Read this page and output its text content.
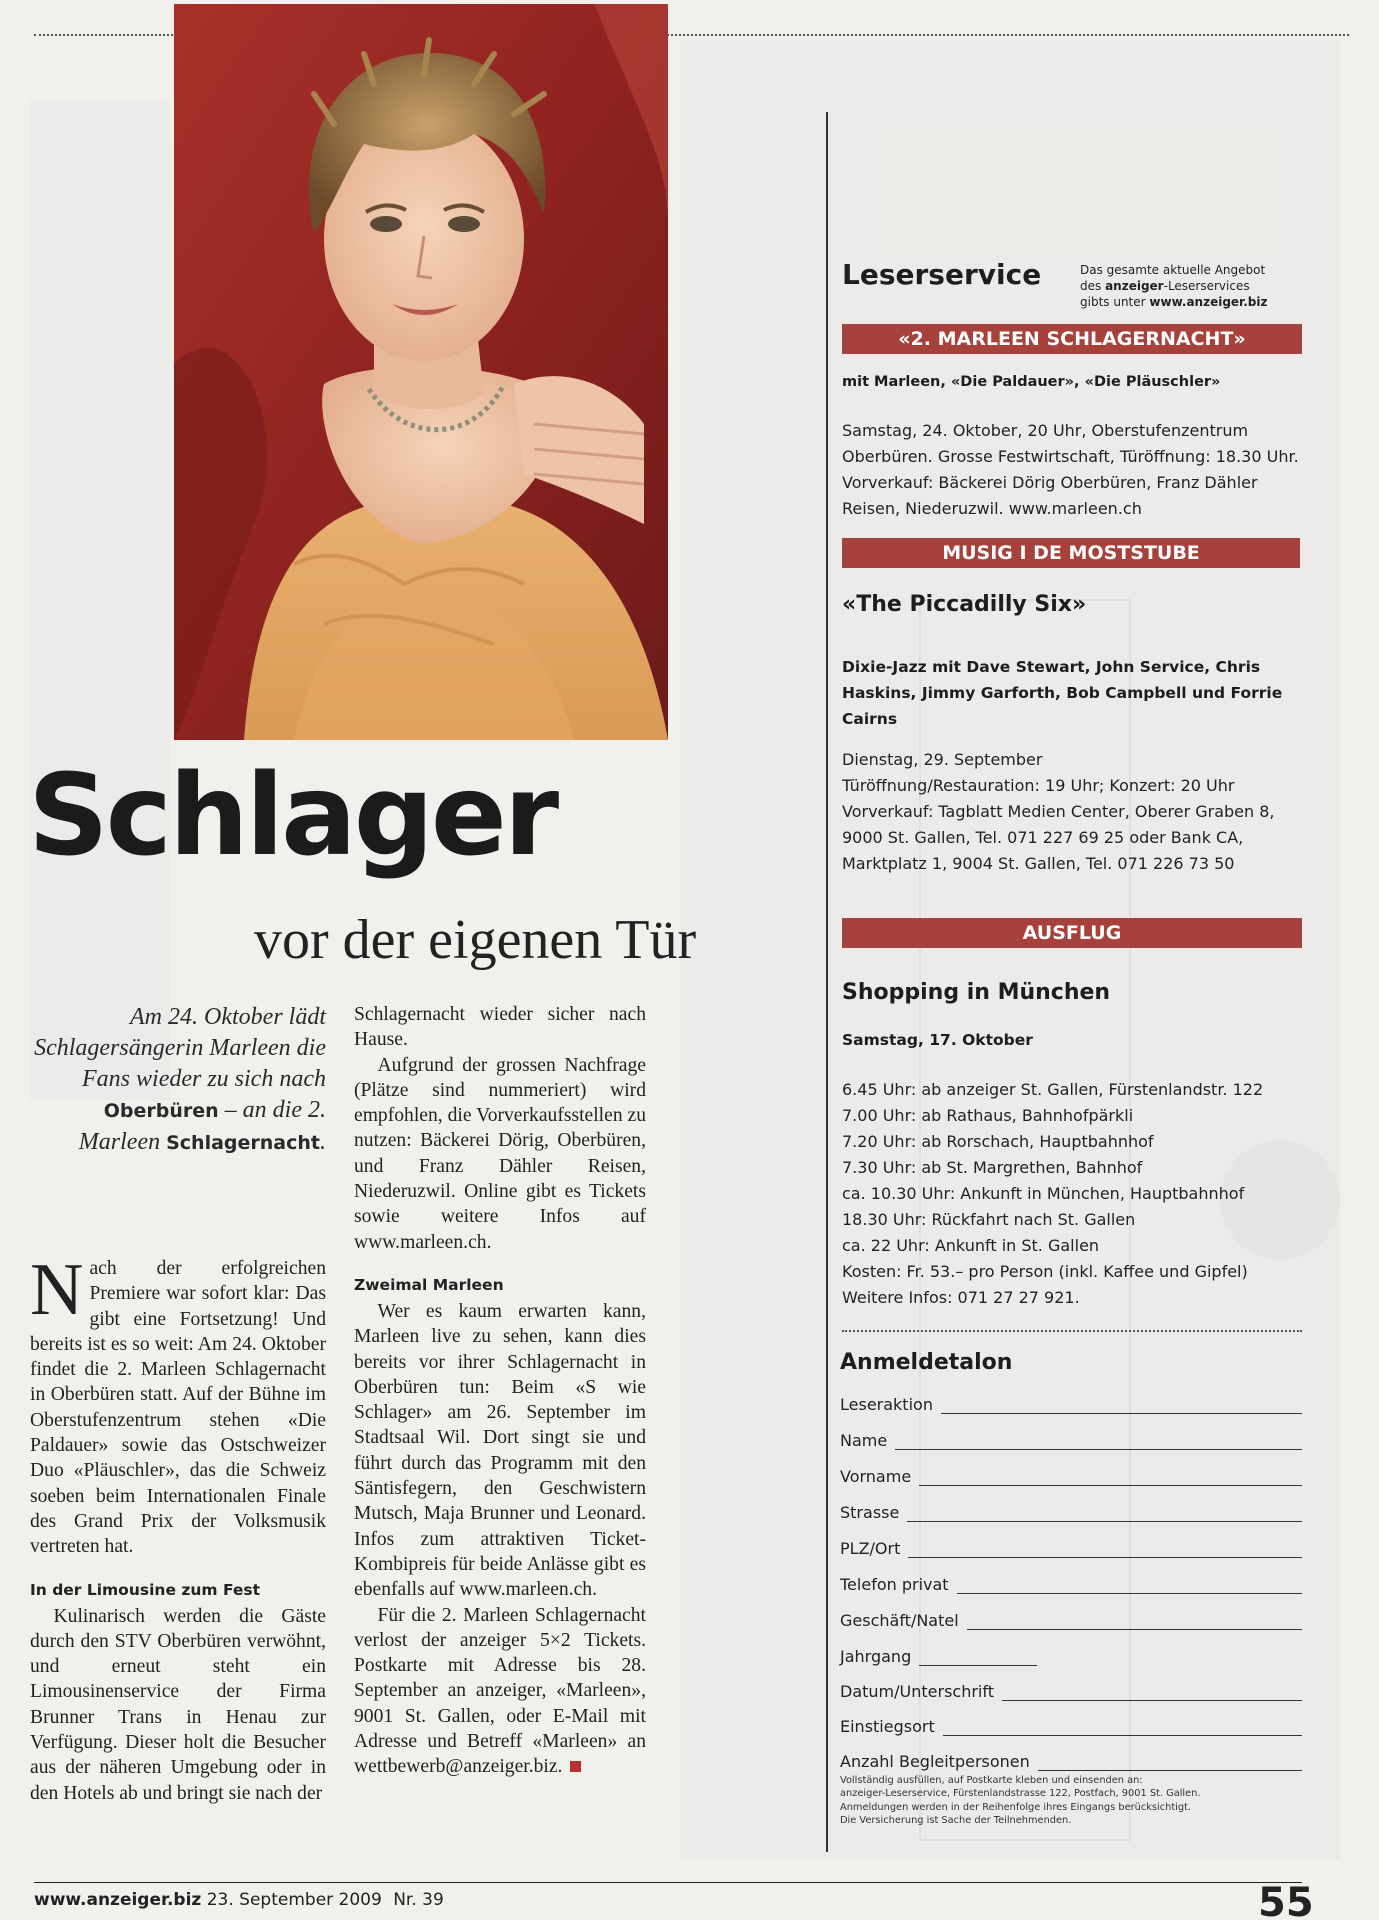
Schlager
vor der eigenen Tür
Am 24. Oktober lädt Schlagersängerin Marleen die Fans wieder zu sich nach Oberbüren – an die 2. Marleen Schlagernacht.

Nach der erfolgreichen Premiere war sofort klar: Das gibt eine Fortsetzung! Und bereits ist es so weit: Am 24. Oktober findet die 2. Marleen Schlagernacht in Oberbüren statt. Auf der Bühne im Oberstufenzentrum stehen «Die Paldauer» sowie das Ostschweizer Duo «Pläuschler», das die Schweiz soeben beim Internationalen Finale des Grand Prix der Volksmusik vertreten hat.

In der Limousine zum Fest

Kulinarisch werden die Gäste durch den STV Oberbüren verwöhnt, und erneut steht ein Limousinenservice der Firma Brunner Trans in Henau zur Verfügung. Dieser holt die Besucher aus der näheren Umgebung oder in den Hotels ab und bringt sie nach der

Schlagernacht wieder sicher nach Hause.

Aufgrund der grossen Nachfrage (Plätze sind nummeriert) wird empfohlen, die Vorverkaufsstellen zu nutzen: Bäckerei Dörig, Oberbüren, und Franz Dähler Reisen, Niederuzwil. Online gibt es Tickets sowie weitere Infos auf www.marleen.ch.

Zweimal Marleen

Wer es kaum erwarten kann, Marleen live zu sehen, kann dies bereits vor ihrer Schlagernacht in Oberbüren tun: Beim «S wie Schlager» am 26. September im Stadtsaal Wil. Dort singt sie und führt durch das Programm mit den Säntisfegern, den Geschwistern Mutsch, Maja Brunner und Leonard. Infos zum attraktiven Ticket-Kombipreis für beide Anlässe gibt es ebenfalls auf www.marleen.ch.

Für die 2. Marleen Schlagernacht verlost der anzeiger 5×2 Tickets. Postkarte mit Adresse bis 28. September an anzeiger, «Marleen», 9001 St. Gallen, oder E-Mail mit Adresse und Betreff «Marleen» an wettbewerb@anzeiger.biz.

Leserservice	Das gesamte aktuelle Angebot
des anzeiger-Leserservices
gibts unter www.anzeiger.biz
«2. MARLEEN SCHLAGERNACHT»
mit Marleen, «Die Paldauer», «Die Pläuschler»
Samstag, 24. Oktober, 20 Uhr, Oberstufenzentrum Oberbüren. Grosse Festwirtschaft, Türöffnung: 18.30 Uhr. Vorverkauf: Bäckerei Dörig Oberbüren, Franz Dähler Reisen, Niederuzwil. www.marleen.ch
MUSIG I DE MOSTSTUBE
«The Piccadilly Six»
Dixie-Jazz mit Dave Stewart, John Service, Chris Haskins, Jimmy Garforth, Bob Campbell und Forrie Cairns
Dienstag, 29. September
Türöffnung/Restauration: 19 Uhr; Konzert: 20 Uhr
Vorverkauf: Tagblatt Medien Center, Oberer Graben 8,
9000 St. Gallen, Tel. 071 227 69 25 oder Bank CA,
Marktplatz 1, 9004 St. Gallen, Tel. 071 226 73 50
AUSFLUG
Shopping in München
Samstag, 17. Oktober
6.45 Uhr: ab anzeiger St. Gallen, Fürstenlandstr. 122
7.00 Uhr: ab Rathaus, Bahnhofpärkli
7.20 Uhr: ab Rorschach, Hauptbahnhof
7.30 Uhr: ab St. Margrethen, Bahnhof
ca. 10.30 Uhr: Ankunft in München, Hauptbahnhof
18.30 Uhr: Rückfahrt nach St. Gallen
ca. 22 Uhr: Ankunft in St. Gallen
Kosten: Fr. 53.– pro Person (inkl. Kaffee und Gipfel)
Weitere Infos: 071 27 27 921.
Anmeldetalon
Leseraktion
Name
Vorname
Strasse
PLZ/Ort
Telefon privat
Geschäft/Natel
Jahrgang
Datum/Unterschrift
Einstiegsort
Anzahl Begleitpersonen
Vollständig ausfüllen, auf Postkarte kleben und einsenden an:
anzeiger-Leserservice, Fürstenlandstrasse 122, Postfach, 9001 St. Gallen.
Anmeldungen werden in der Reihenfolge ihres Eingangs berücksichtigt.
Die Versicherung ist Sache der Teilnehmenden.
www.anzeiger.biz 23. September 2009 Nr. 39	55
